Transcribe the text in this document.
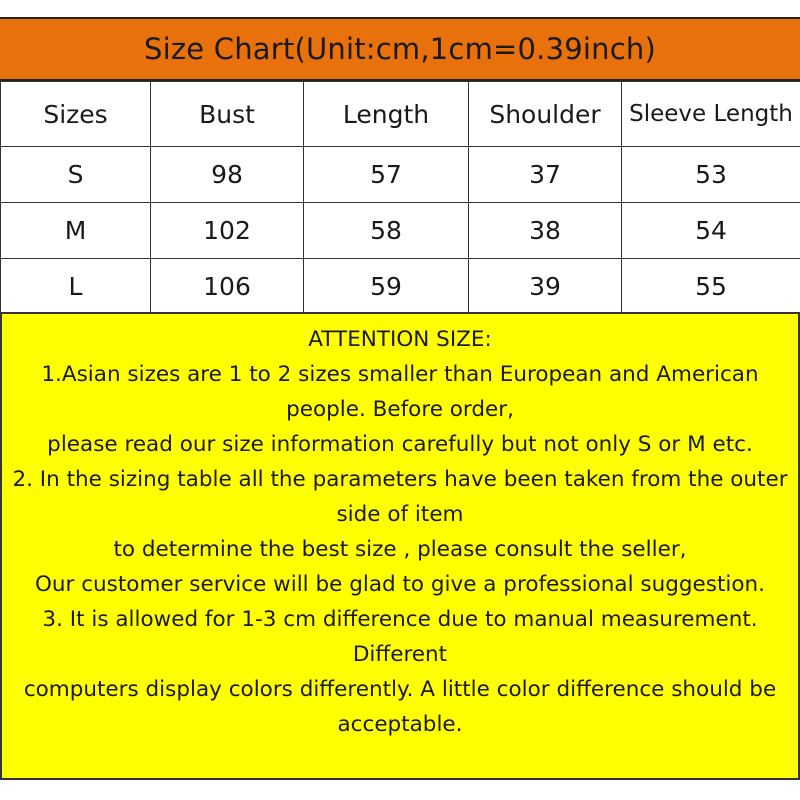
Size Chart(Unit:cm,1cm=0.39inch)
Sizes	Bust	Length	Shoulder	Sleeve Length
S	98	57	37	53
M	102	58	38	54
L	106	59	39	55
ATTENTION SIZE:
1.Asian sizes are 1 to 2 sizes smaller than European and American people. Before order,
please read our size information carefully but not only S or M etc.
2. In the sizing table all the parameters have been taken from the outer side of item
to determine the best size , please consult the seller,
Our customer service will be glad to give a professional suggestion.
3. It is allowed for 1-3 cm difference due to manual measurement. Different
computers display colors differently. A little color difference should be acceptable.
